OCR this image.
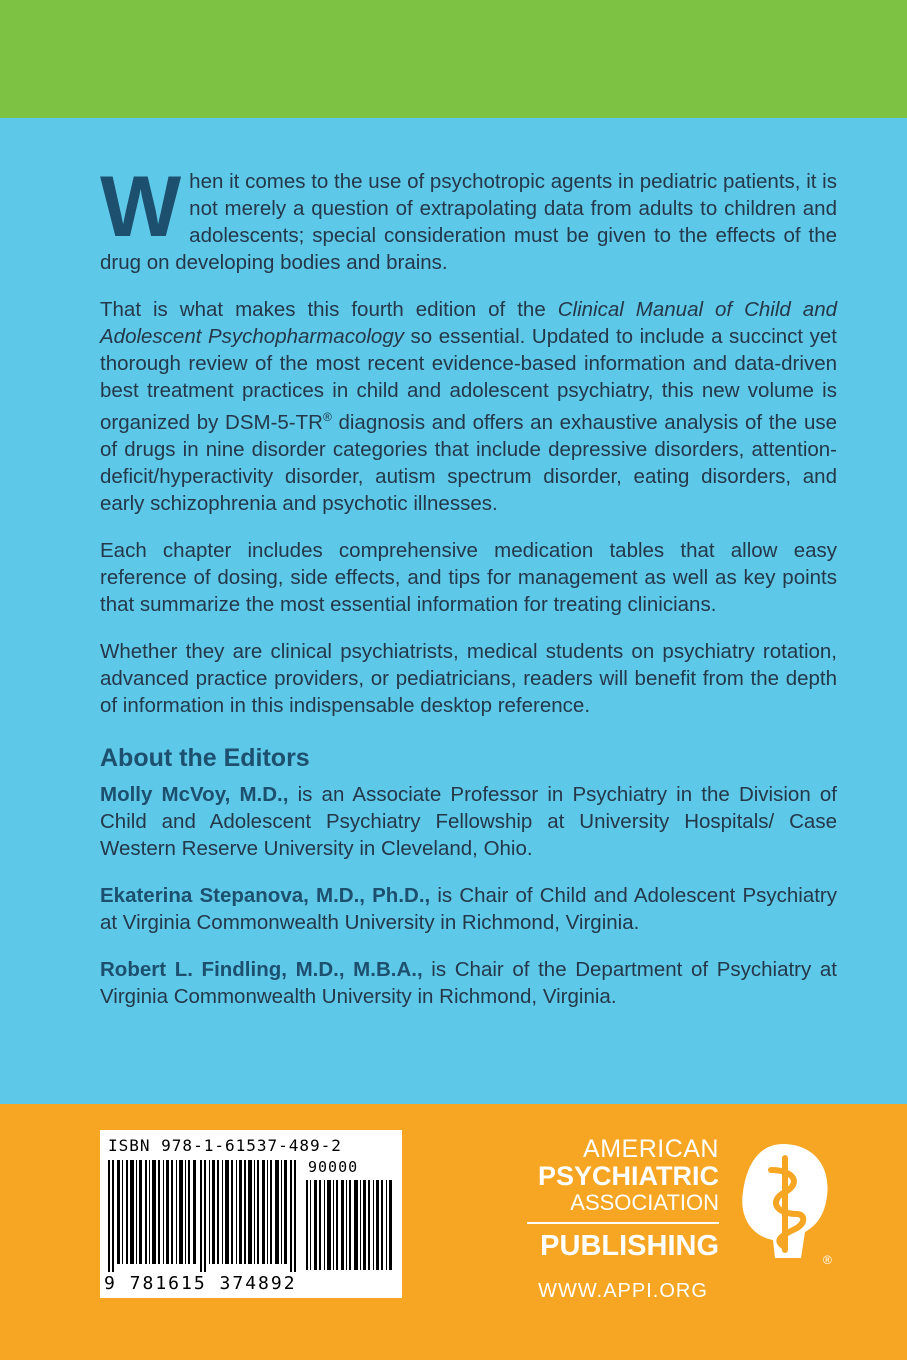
When it comes to the use of psychotropic agents in pediatric patients, it is not merely a question of extrapolating data from adults to children and adolescents; special consideration must be given to the effects of the drug on developing bodies and brains.

That is what makes this fourth edition of the Clinical Manual of Child and Adolescent Psychopharmacology so essential. Updated to include a succinct yet thorough review of the most recent evidence-based information and data-driven best treatment practices in child and adolescent psychiatry, this new volume is organized by DSM-5-TR® diagnosis and offers an exhaustive analysis of the use of drugs in nine disorder categories that include depressive disorders, attention-deficit/hyperactivity disorder, autism spectrum disorder, eating disorders, and early schizophrenia and psychotic illnesses.

Each chapter includes comprehensive medication tables that allow easy reference of dosing, side effects, and tips for management as well as key points that summarize the most essential information for treating clinicians.

Whether they are clinical psychiatrists, medical students on psychiatry rotation, advanced practice providers, or pediatricians, readers will benefit from the depth of information in this indispensable desktop reference.

About the Editors

Molly McVoy, M.D., is an Associate Professor in Psychiatry in the Division of Child and Adolescent Psychiatry Fellowship at University Hospitals/ Case Western Reserve University in Cleveland, Ohio.

Ekaterina Stepanova, M.D., Ph.D., is Chair of Child and Adolescent Psychiatry at Virginia Commonwealth University in Richmond, Virginia.

Robert L. Findling, M.D., M.B.A., is Chair of the Department of Psychiatry at Virginia Commonwealth University in Richmond, Virginia.

ISBN 978-1-61537-489-2
90000
9 781615 374892
AMERICAN
PSYCHIATRIC
ASSOCIATION
PUBLISHING	®
WWW.APPI.ORG
